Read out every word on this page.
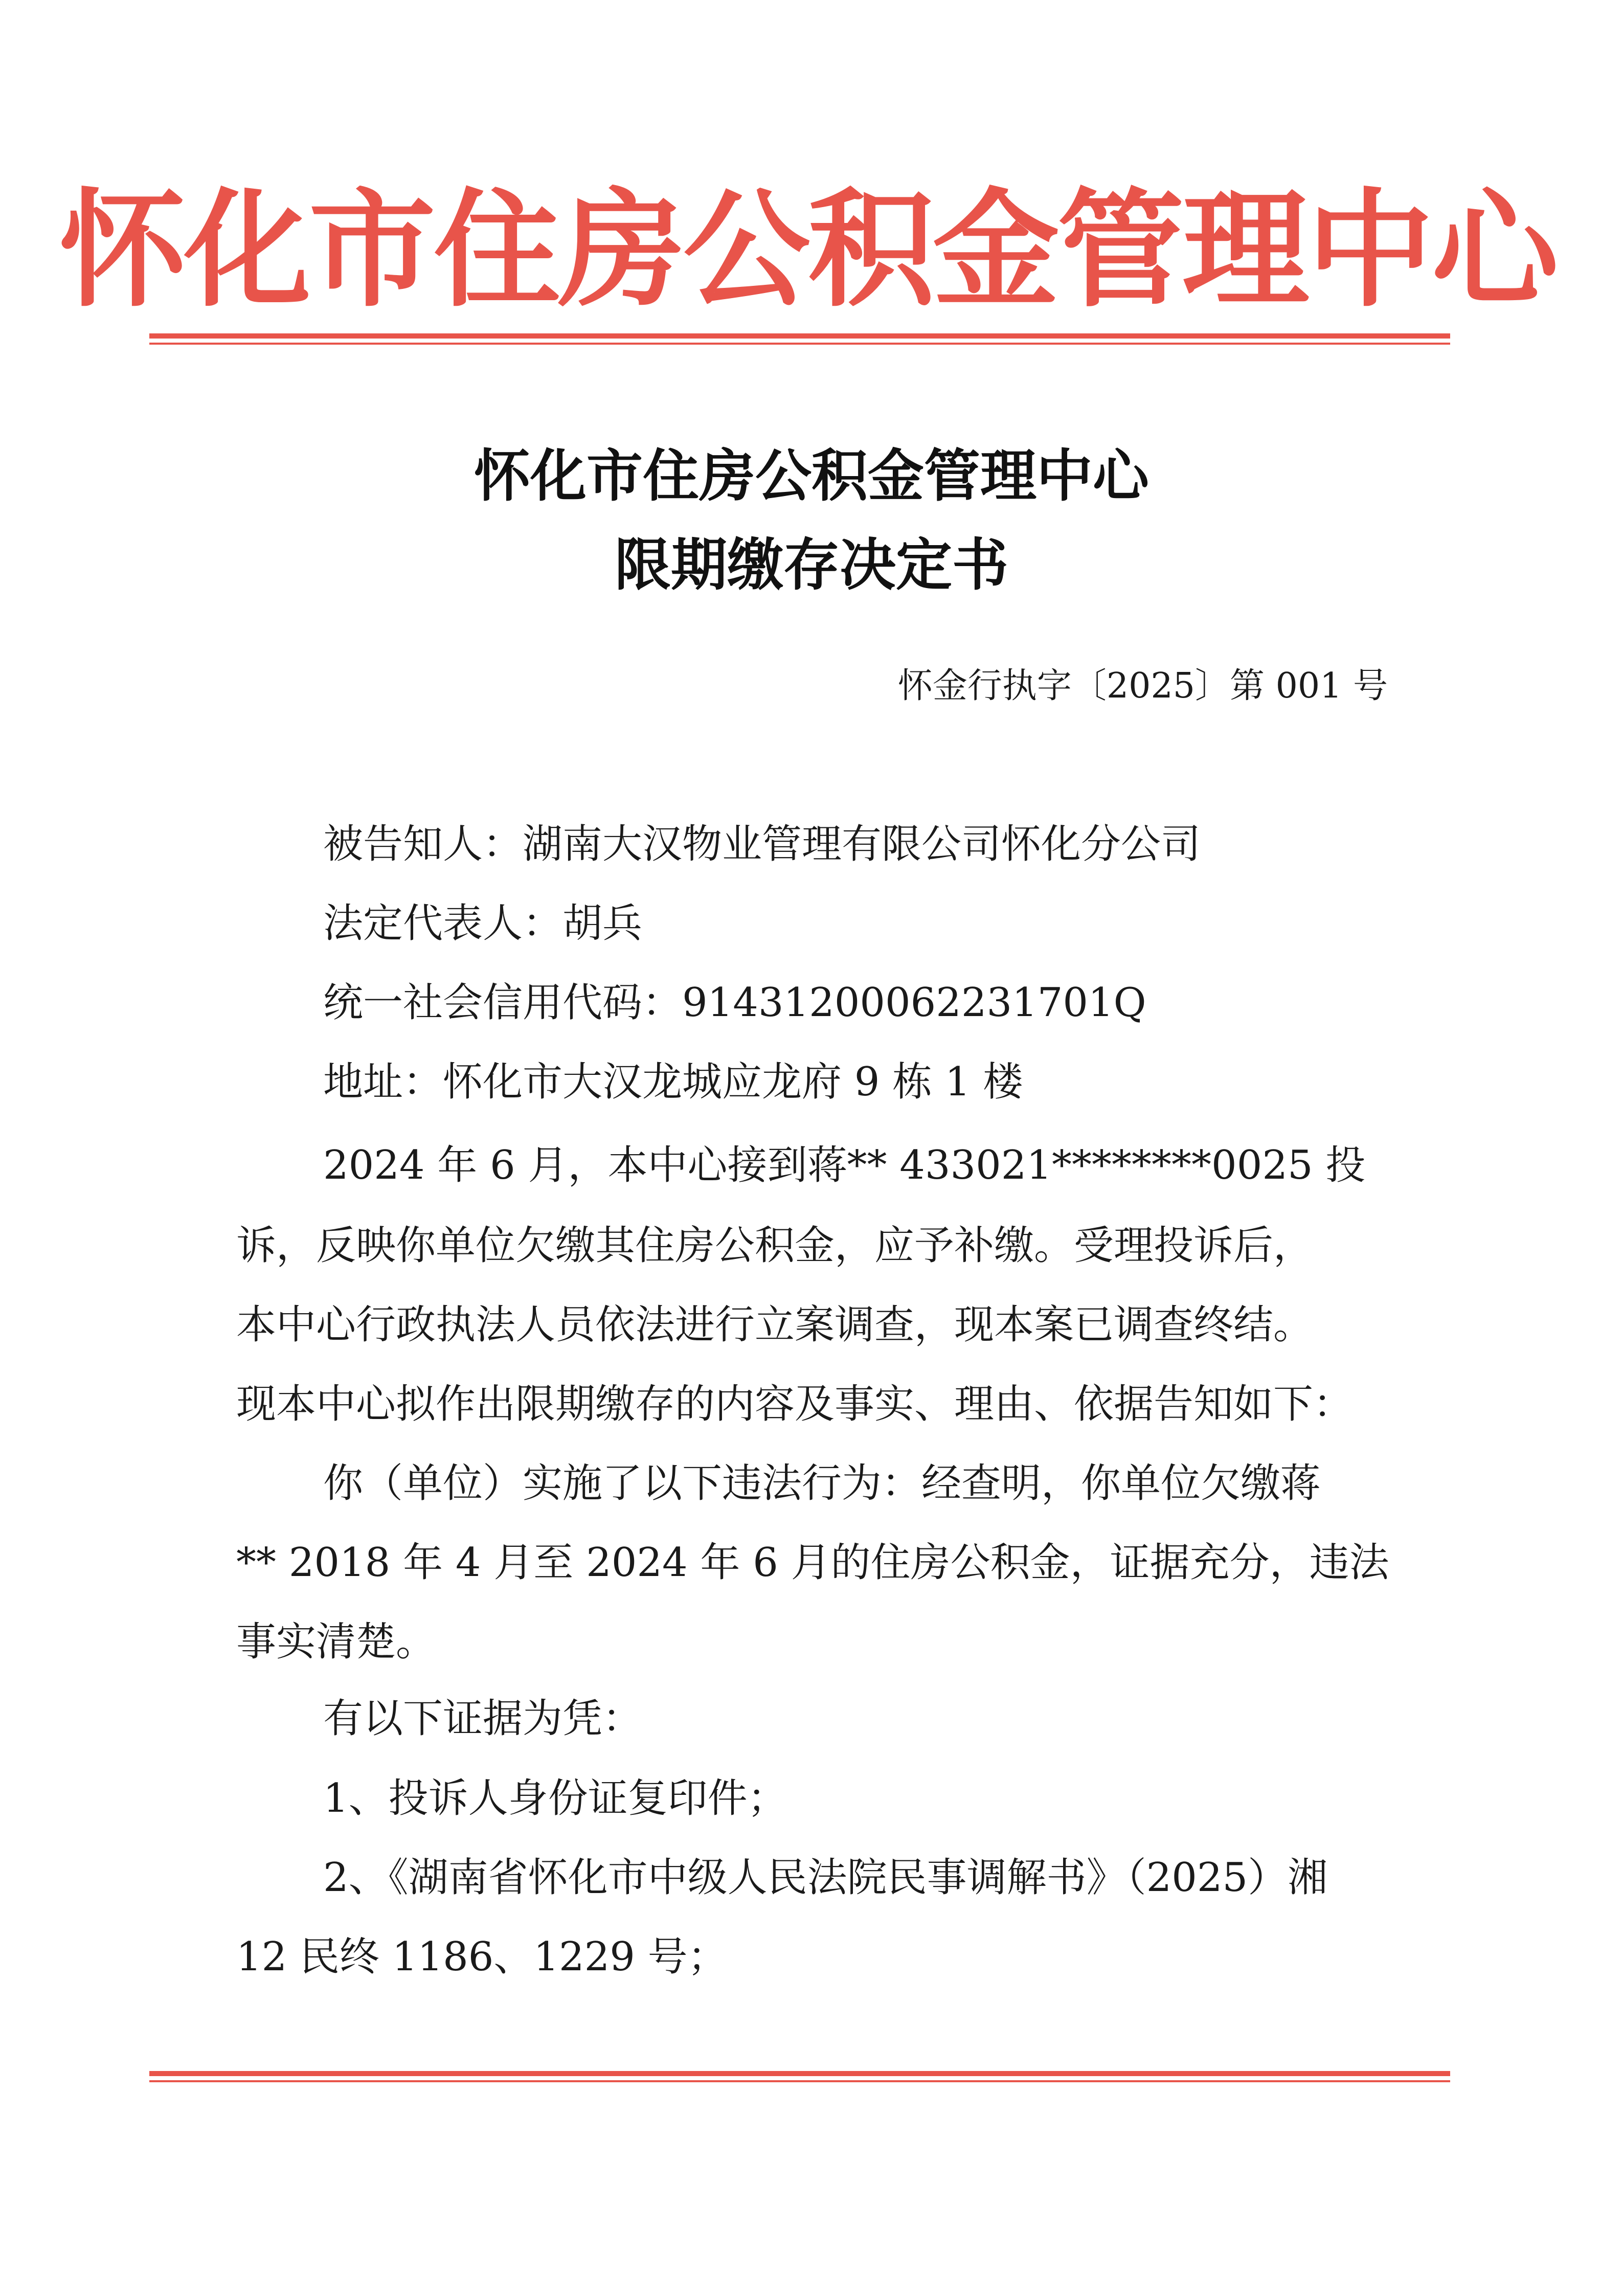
怀化市住房公积金管理中心
怀化市住房公积金管理中心
限期缴存决定书
怀金行执字〔2025〕第 001 号
被告知人：湖南大汉物业管理有限公司怀化分公司
法定代表人：胡兵
统一社会信用代码：91431200062231701Q
地址：怀化市大汉龙城应龙府 9 栋 1 楼
2024 年 6 月，本中心接到蒋** 433021********0025 投
诉，反映你单位欠缴其住房公积金，应予补缴。受理投诉后，
本中心行政执法人员依法进行立案调查，现本案已调查终结。
现本中心拟作出限期缴存的内容及事实、理由、依据告知如下：
你（单位）实施了以下违法行为：经查明，你单位欠缴蒋
** 2018 年 4 月至 2024 年 6 月的住房公积金，证据充分，违法
事实清楚。
有以下证据为凭：
1、投诉人身份证复印件；
2、《湖南省怀化市中级人民法院民事调解书》（2025）湘
12 民终 1186、1229 号；
